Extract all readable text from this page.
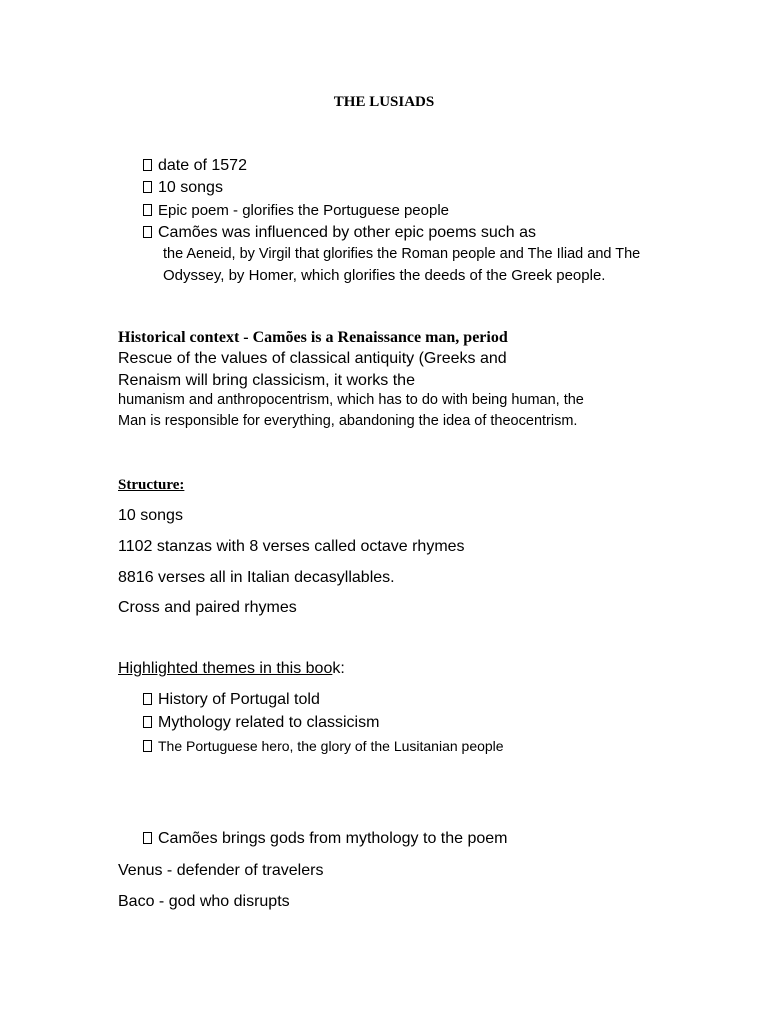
THE LUSIADS
date of 1572
10 songs
Epic poem - glorifies the Portuguese people
Camões was influenced by other epic poems such as
the Aeneid, by Virgil that glorifies the Roman people and The Iliad and The
Odyssey, by Homer, which glorifies the deeds of the Greek people.
Historical context - Camões is a Renaissance man, period
Rescue of the values of classical antiquity (Greeks and
Renaism will bring classicism, it works the
humanism and anthropocentrism, which has to do with being human, the
Man is responsible for everything, abandoning the idea of theocentrism.
Structure:
10 songs
1102 stanzas with 8 verses called octave rhymes
8816 verses all in Italian decasyllables.
Cross and paired rhymes
Highlighted themes in this book:
History of Portugal told
Mythology related to classicism
The Portuguese hero, the glory of the Lusitanian people
Camões brings gods from mythology to the poem
Venus - defender of travelers
Baco - god who disrupts
